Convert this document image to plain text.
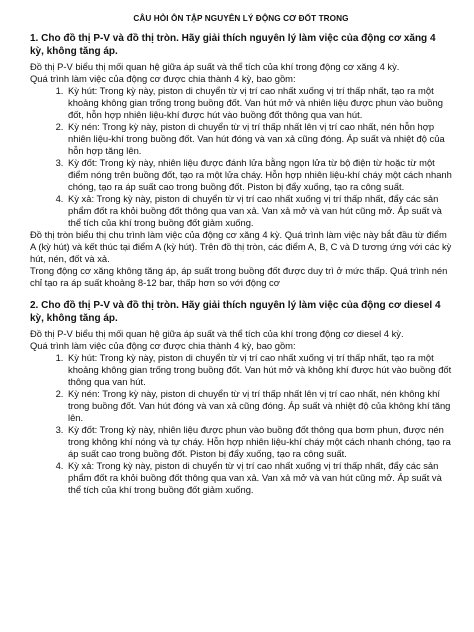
CÂU HỎI ÔN TẬP NGUYÊN LÝ ĐỘNG CƠ ĐỐT TRONG
1. Cho đồ thị P-V và đồ thị tròn. Hãy giải thích nguyên lý làm việc của động cơ xăng 4 kỳ, không tăng áp.

Đồ thị P-V biểu thị mối quan hệ giữa áp suất và thể tích của khí trong động cơ xăng 4 kỳ.

Quá trình làm việc của động cơ được chia thành 4 kỳ, bao gồm:

1. Kỳ hút: Trong kỳ này, piston di chuyển từ vị trí cao nhất xuống vị trí thấp nhất, tạo ra một khoảng không gian trống trong buồng đốt. Van hút mở và nhiên liệu được phun vào buồng đốt, hỗn hợp nhiên liệu-khí được hút vào buồng đốt thông qua van hút.
2. Kỳ nén: Trong kỳ này, piston di chuyển từ vị trí thấp nhất lên vị trí cao nhất, nén hỗn hợp nhiên liệu-khí trong buồng đốt. Van hút đóng và van xả cũng đóng. Áp suất và nhiệt độ của hỗn hợp tăng lên.
3. Kỳ đốt: Trong kỳ này, nhiên liệu được đánh lửa bằng ngọn lửa từ bộ điện từ hoặc từ một điểm nóng trên buồng đốt, tạo ra một lửa cháy. Hỗn hợp nhiên liệu-khí cháy một cách nhanh chóng, tạo ra áp suất cao trong buồng đốt. Piston bị đẩy xuống, tạo ra công suất.
4. Kỳ xả: Trong kỳ này, piston di chuyển từ vị trí cao nhất xuống vị trí thấp nhất, đẩy các sản phẩm đốt ra khỏi buồng đốt thông qua van xả. Van xả mở và van hút cũng mở. Áp suất và thể tích của khí trong buồng đốt giảm xuống.

Đồ thị tròn biểu thị chu trình làm việc của động cơ xăng 4 kỳ. Quá trình làm việc này bắt đầu từ điểm A (kỳ hút) và kết thúc tại điểm A (kỳ hút). Trên đồ thị tròn, các điểm A, B, C và D tương ứng với các kỳ hút, nén, đốt và xả.

Trong động cơ xăng không tăng áp, áp suất trong buồng đốt được duy trì ở mức thấp. Quá trình nén chỉ tạo ra áp suất khoảng 8-12 bar, thấp hơn so với động cơ

2. Cho đồ thị P-V và đồ thị tròn. Hãy giải thích nguyên lý làm việc của động cơ diesel 4 kỳ, không tăng áp.

Đồ thị P-V biểu thị mối quan hệ giữa áp suất và thể tích của khí trong động cơ diesel 4 kỳ.

Quá trình làm việc của động cơ được chia thành 4 kỳ, bao gồm:

1. Kỳ hút: Trong kỳ này, piston di chuyển từ vị trí cao nhất xuống vị trí thấp nhất, tạo ra một khoảng không gian trống trong buồng đốt. Van hút mở và không khí được hút vào buồng đốt thông qua van hút.
2. Kỳ nén: Trong kỳ này, piston di chuyển từ vị trí thấp nhất lên vị trí cao nhất, nén không khí trong buồng đốt. Van hút đóng và van xả cũng đóng. Áp suất và nhiệt độ của không khí tăng lên.
3. Kỳ đốt: Trong kỳ này, nhiên liệu được phun vào buồng đốt thông qua bơm phun, được nén trong không khí nóng và tự cháy. Hỗn hợp nhiên liệu-khí cháy một cách nhanh chóng, tạo ra áp suất cao trong buồng đốt. Piston bị đẩy xuống, tạo ra công suất.
4. Kỳ xả: Trong kỳ này, piston di chuyển từ vị trí cao nhất xuống vị trí thấp nhất, đẩy các sản phẩm đốt ra khỏi buồng đốt thông qua van xả. Van xả mở và van hút cũng mở. Áp suất và thể tích của khí trong buồng đốt giảm xuống.
